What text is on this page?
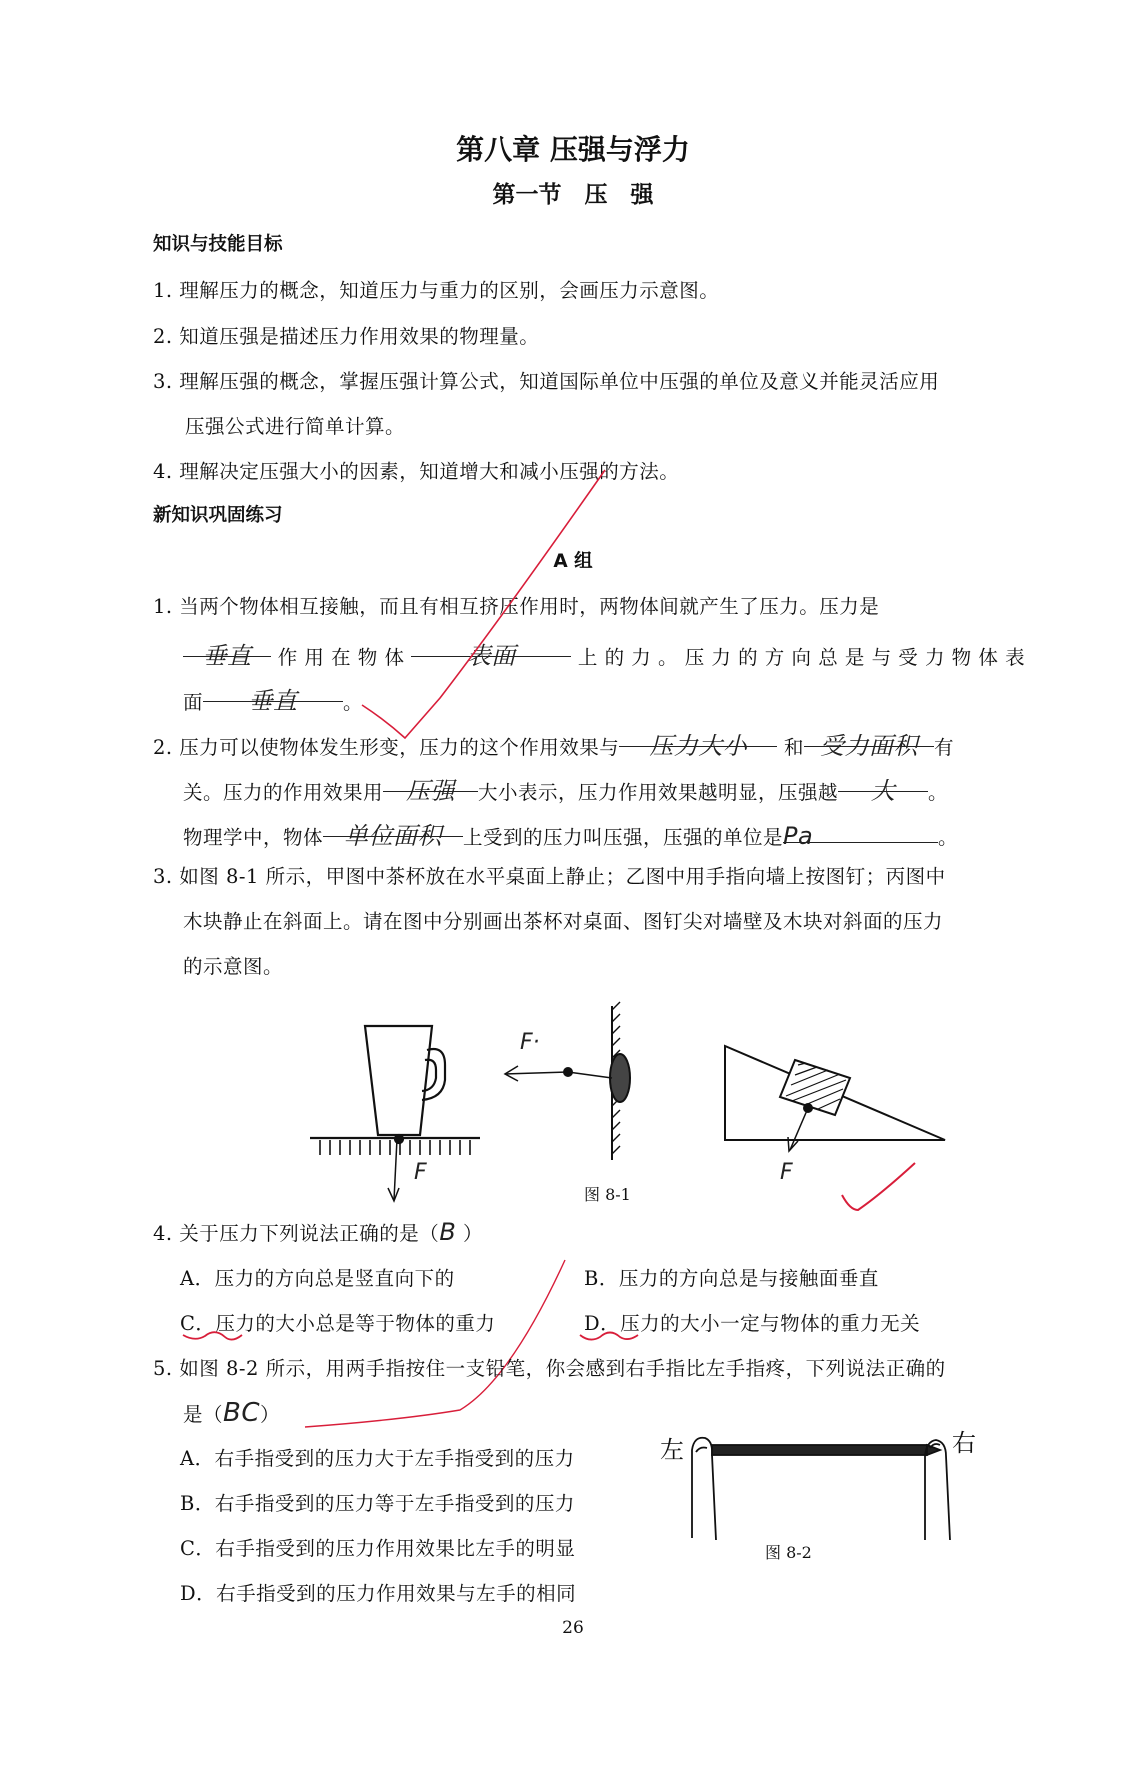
第八章 压强与浮力
第一节　压　强
知识与技能目标
1. 理解压力的概念，知道压力与重力的区别，会画压力示意图。
2. 知道压强是描述压力作用效果的物理量。
3. 理解压强的概念，掌握压强计算公式，知道国际单位中压强的单位及意义并能灵活应用
压强公式进行简单计算。
4. 理解决定压强大小的因素，知道增大和减小压强的方法。
新知识巩固练习
A 组
1. 当两个物体相互接触，而且有相互挤压作用时，两物体间就产生了压力。压力是
垂直 作 用 在 物 体	表面	上 的 力 。 压 力 的 方 向 总 是 与 受 力 物 体 表
面 垂直 。
2. 压力可以使物体发生形变，压力的这个作用效果与 压力大小 和 受力面积 有
关。压力的作用效果用 压强 大小表示，压力作用效果越明显，压强越 大 。
物理学中，物体 单位面积 上受到的压力叫压强，压强的单位是Pa	。
3. 如图 8-1 所示，甲图中茶杯放在水平桌面上静止；乙图中用手指向墙上按图钉；丙图中
木块静止在斜面上。请在图中分别画出茶杯对桌面、图钉尖对墙壁及木块对斜面的压力
的示意图。
F·
F	F
图 8-1
4. 关于压力下列说法正确的是（B ）
A．压力的方向总是竖直向下的	B．压力的方向总是与接触面垂直
C．压力的大小总是等于物体的重力	D．压力的大小一定与物体的重力无关
5. 如图 8-2 所示，用两手指按住一支铅笔，你会感到右手指比左手指疼，下列说法正确的
是（BC）
A．右手指受到的压力大于左手指受到的压力
B．右手指受到的压力等于左手指受到的压力
C．右手指受到的压力作用效果比左手的明显
D．右手指受到的压力作用效果与左手的相同
左	右
图 8-2
26
